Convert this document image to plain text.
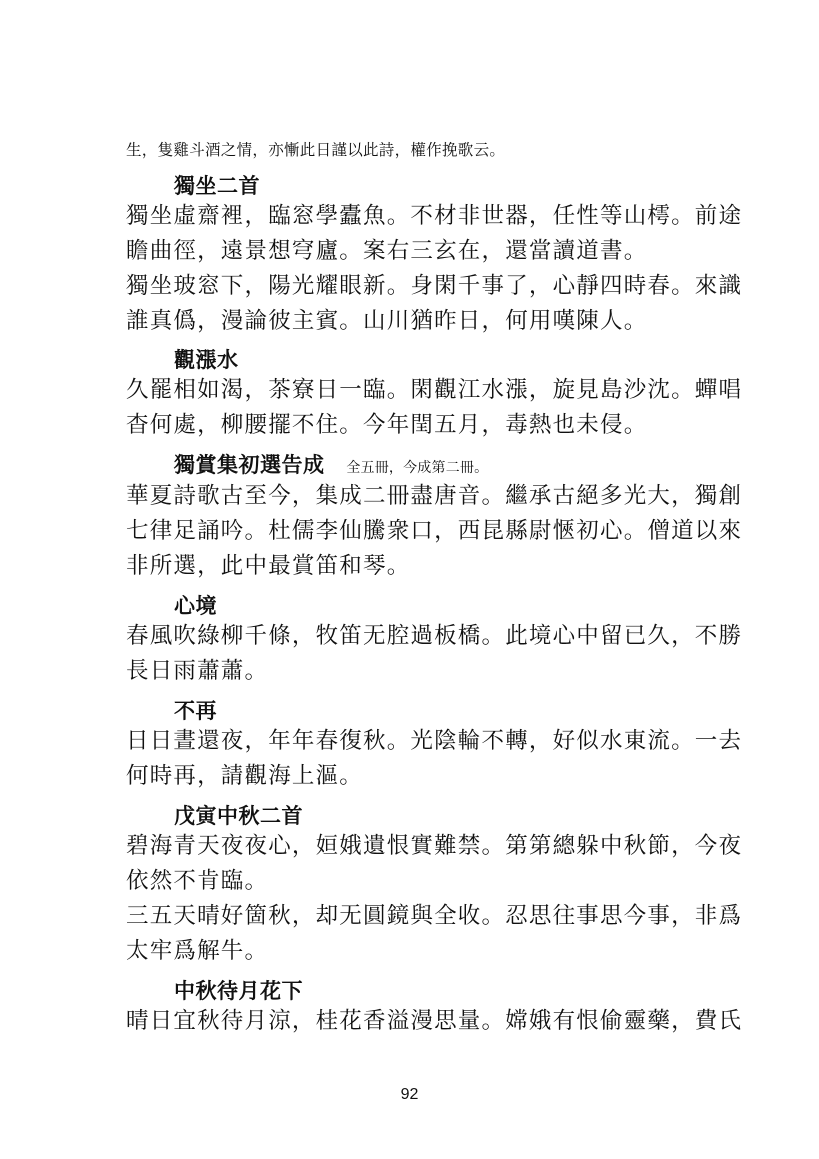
生，隻雞斗酒之情，亦慚此日謹以此詩，權作挽歌云。
獨坐二首
獨坐虛齋裡，臨窓學蠹魚。不材非世器，任性等山樗。前途
瞻曲徑，遠景想穹廬。案右三玄在，還當讀道書。
獨坐玻窓下，陽光耀眼新。身閑千事了，心靜四時春。來識
誰真僞，漫論彼主賓。山川猶昨日，何用嘆陳人。
觀漲水
久罷相如渴，茶寮日一臨。閑觀江水漲，旋見島沙沈。蟬唱
杳何處，柳腰擺不住。今年閏五月，毒熱也未侵。
獨賞集初選告成 全五冊，今成第二冊。
華夏詩歌古至今，集成二冊盡唐音。繼承古絕多光大，獨創
七律足誦吟。杜儒李仙騰衆口，西昆縣尉愜初心。僧道以來
非所選，此中最賞笛和琴。
心境
春風吹綠柳千條，牧笛无腔過板橋。此境心中留已久，不勝
長日雨蕭蕭。
不再
日日晝還夜，年年春復秋。光陰輪不轉，好似水東流。一去
何時再，請觀海上漚。
戊寅中秋二首
碧海青天夜夜心，姮娥遺恨實難禁。第第總躲中秋節，今夜
依然不肯臨。
三五天晴好箇秋，却无圓鏡與全收。忍思往事思今事，非爲
太牢爲解牛。
中秋待月花下
晴日宜秋待月涼，桂花香溢漫思量。嫦娥有恨偷靈藥，費氏
92
